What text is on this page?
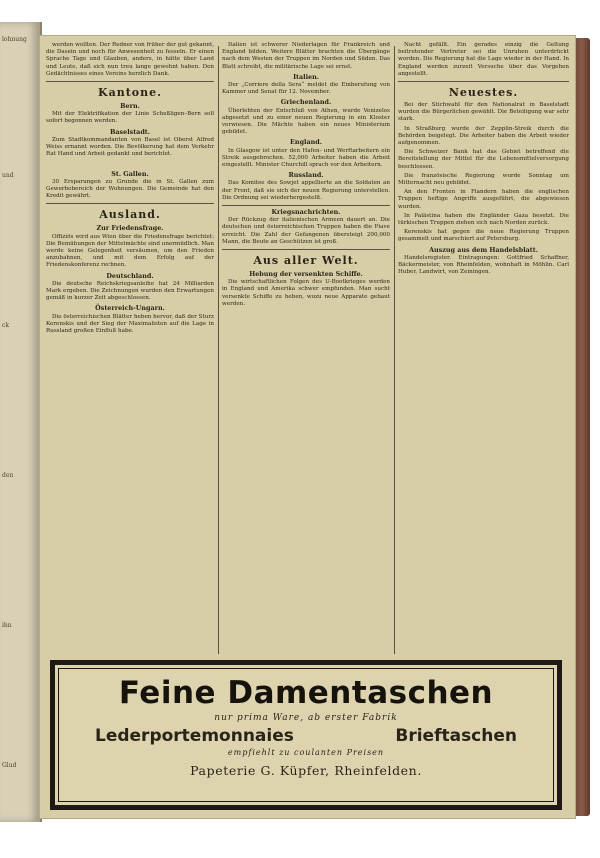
lohnung
und
ck
den
ihn
Glud

werden wollten. Der Redner von früher der gut gekannt, die Dasein und noch für Anwesenheit zu fesseln. Er einen Sprache Tage und Glauben, anders, in hätte über Land und Leute, daß sich nun treu lange gewohnt haben. Den Gedächtnisses eines Vereins herzlich Dank.

Kantone.
Bern.

Mit der Elektrifikation der Linie Scheßligen–Bern soll sofort begonnen werden.

Baselstadt.

Zum Stadtkommandanten von Basel ist Oberst Alfred Weiss ernannt worden. Die Bevölkerung hat dem Verkehr Rat Hand und Arbeit gedankt und berichtet.

St. Gallen.

30 Ersparungen zu Grunde die in St. Gallen zum Gewerbebereich der Wohnungen. Die Gemeinde hat den Kredit gewährt.

Ausland.
Zur Friedensfrage.

Offiziös wird aus Wien über die Friedensfrage berichtet: Die Bemühungen der Mittelmächte sind unermüdlich. Man werde keine Gelegenheit versäumen, um den Frieden anzubahnen, und mit dem Erfolg auf der Friedenskonferenz rechnen.

Deutschland.

Die deutsche Reichskriegsanleihe hat 24 Milliarden Mark ergeben. Die Zeichnungen wurden den Erwartungen gemäß in kurzer Zeit abgeschlossen.

Österreich-Ungarn.

Die österreichischen Blätter heben hervor, daß der Sturz Kerenskis und der Sieg der Maximalisten auf die Lage in Russland großen Einfluß habe.

Italien ist schwerer Niederlagen für Frankreich und England bilden. Weitere Blätter brachten die Übergänge nach dem Westen der Truppen im Norden und Süden. Das Blatt schreibt, die militärische Lage sei ernst.

Italien.

Der „Corriere della Sera“ meldet die Einberufung von Kammer und Senat für 12. November.

Griechenland.

Überlebten der Entschluß von Athen, wurde Venizelos abgesetzt und zu einer neuen Regierung in ein Kloster verwiesen. Die Mächte haben ein neues Ministerium gebildet.

England.

In Glasgow ist unter den Hafen- und Werftarbeitern ein Streik ausgebrochen. 52,000 Arbeiter haben die Arbeit eingestellt. Minister Churchill sprach vor den Arbeitern.

Russland.

Das Komitee des Sowjet appellierte an die Soldaten an der Front, daß sie sich der neuen Regierung unterstellen. Die Ordnung sei wiederhergestellt.

Kriegsnachrichten.

Der Rückzug der italienischen Armeen dauert an. Die deutschen und österreichischen Truppen haben die Piave erreicht. Die Zahl der Gefangenen übersteigt 200,000 Mann, die Beute an Geschützen ist groß.

Aus aller Welt.
Hebung der versenkten Schiffe.

Die wirtschaftlichen Folgen des U-Bootkrieges werden in England und Amerika schwer empfunden. Man sucht versenkte Schiffe zu heben, wozu neue Apparate gebaut werden.

Nacht gefällt. Ein gerades einzig die Geltung beitretender Vertreter sei die Unruhen unterdrückt worden. Die Regierung hat die Lage wieder in der Hand. In England werden zurzeit Versuche über das Vorgehen angestellt.

Neuestes.

Bei der Stichwahl für den Nationalrat in Baselstadt wurden die Bürgerlichen gewählt. Die Beteiligung war sehr stark.

In Straßburg wurde der Zepplin-Streik durch die Behörden beigelegt. Die Arbeiter haben die Arbeit wieder aufgenommen.

Die Schweizer Bank hat das Gebiet betreffend die Bereitstellung der Mittel für die Lebensmittelversorgung beschlossen.

Die französische Regierung wurde Sonntag um Mitternacht neu gebildet.

An den Fronten in Flandern haben die englischen Truppen heftige Angriffe ausgeführt, die abgewiesen wurden.

In Palästina haben die Engländer Gaza besetzt. Die türkischen Truppen ziehen sich nach Norden zurück.

Kerenskis hat gegen die neue Regierung Truppen gesammelt und marschiert auf Petersburg.

Auszug aus dem Handelsblatt.

Handelsregister. Eintragungen: Gottfried Schaffner, Bäckermeister, von Rheinfelden, wohnhaft in Möhlin. Carl Huber, Landwirt, von Zeiningen.

Feine Damentaschen
nur prima Ware, ab erster Fabrik
Lederportemonnaies	Brieftaschen
empfiehlt zu coulanten Preisen
Papeterie G. Küpfer, Rheinfelden.
